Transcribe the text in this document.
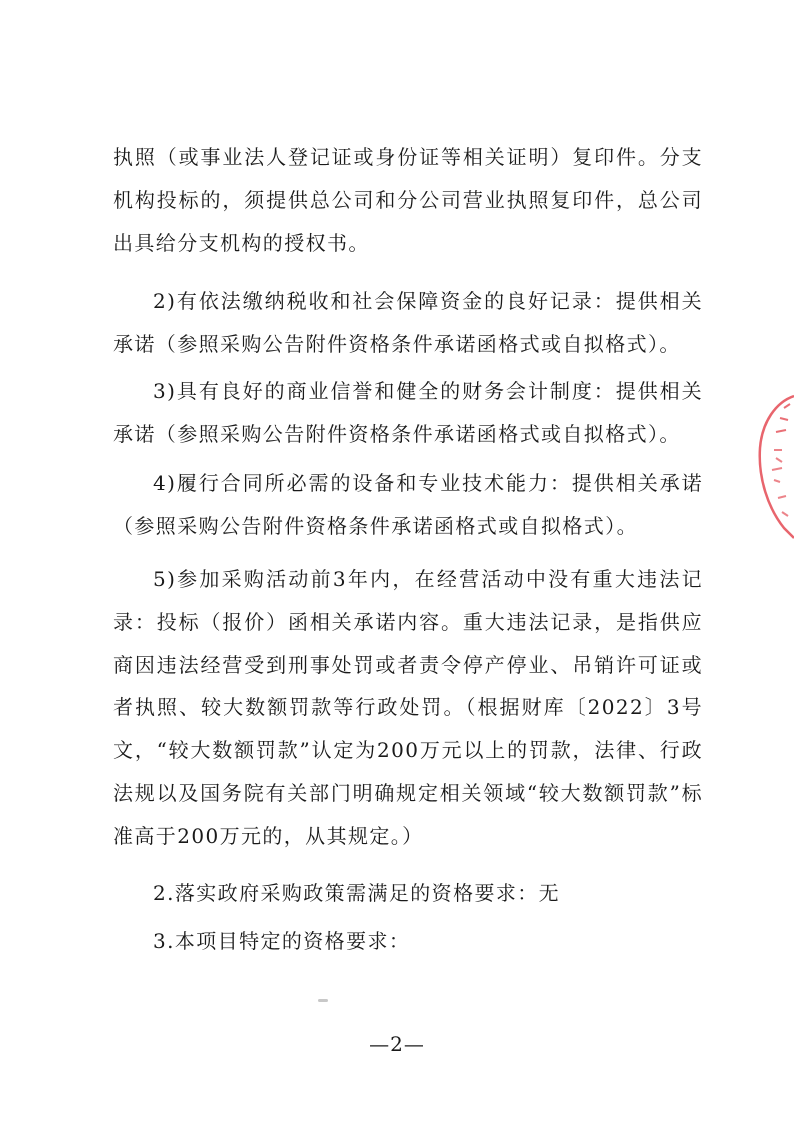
执照（或事业法人登记证或身份证等相关证明）复印件。分支机构投标的，须提供总公司和分公司营业执照复印件，总公司出具给分支机构的授权书。

2)有依法缴纳税收和社会保障资金的良好记录：提供相关承诺（参照采购公告附件资格条件承诺函格式或自拟格式）。

3)具有良好的商业信誉和健全的财务会计制度：提供相关承诺（参照采购公告附件资格条件承诺函格式或自拟格式）。

4)履行合同所必需的设备和专业技术能力：提供相关承诺（参照采购公告附件资格条件承诺函格式或自拟格式）。

5)参加采购活动前3年内，在经营活动中没有重大违法记录：投标（报价）函相关承诺内容。重大违法记录，是指供应商因违法经营受到刑事处罚或者责令停产停业、吊销许可证或者执照、较大数额罚款等行政处罚。（根据财库〔2022〕3号文，“较大数额罚款”认定为200万元以上的罚款，法律、行政法规以及国务院有关部门明确规定相关领域“较大数额罚款”标准高于200万元的，从其规定。）

2.落实政府采购政策需满足的资格要求：无

3.本项目特定的资格要求：

—2—
